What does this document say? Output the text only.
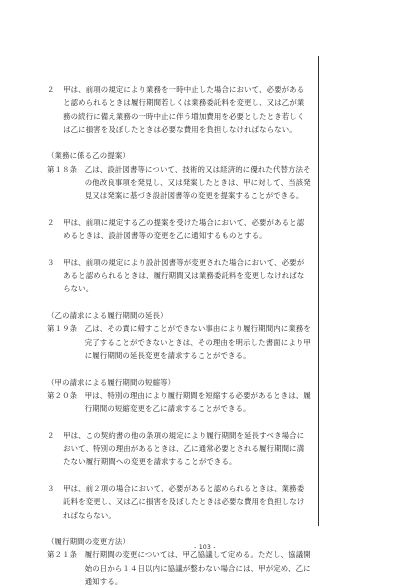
２　 甲は、前項の規定により業務を一時中止した場合において、必要があると認められるときは履行期間若しくは業務委託料を変更し、又は乙が業務の続行に備え業務の一時中止に伴う増加費用を必要としたとき若しくは乙に損害を及ぼしたときは必要な費用を負担しなければならない。

（業務に係る乙の提案）

第１８条　 乙は、設計図書等について、技術的又は経済的に優れた代替方法その他改良事項を発見し、又は発案したときは、甲に対して、当該発見又は発案に基づき設計図書等の変更を提案することができる。
２　 甲は、前項に規定する乙の提案を受けた場合において、必要があると認めるときは、設計図書等の変更を乙に通知するものとする。
３　 甲は、前項の規定により設計図書等が変更された場合において、必要があると認められるときは、履行期間又は業務委託料を変更しなければならない。

（乙の請求による履行期間の延長）

第１９条　 乙は、その責に帰すことができない事由により履行期間内に業務を完了することができないときは、その理由を明示した書面により甲に履行期間の延長変更を請求することができる。

（甲の請求による履行期間の短縮等）

第２０条　 甲は、特別の理由により履行期間を短縮する必要があるときは、履行期間の短縮変更を乙に請求することができる。
２　 甲は、この契約書の他の条項の規定により履行期間を延長すべき場合において、特別の理由があるときは、乙に通常必要とされる履行期間に満たない履行期間への変更を請求することができる。
３　 甲は、前２項の場合において、必要があると認められるときは、業務委託料を変更し、又は乙に損害を及ぼしたときは必要な費用を負担しなければならない。

（履行期間の変更方法）

第２１条　 履行期間の変更については、甲乙協議して定める。ただし、協議開始の日から１４日以内に協議が整わない場合には、甲が定め、乙に通知する。
- 103 -
